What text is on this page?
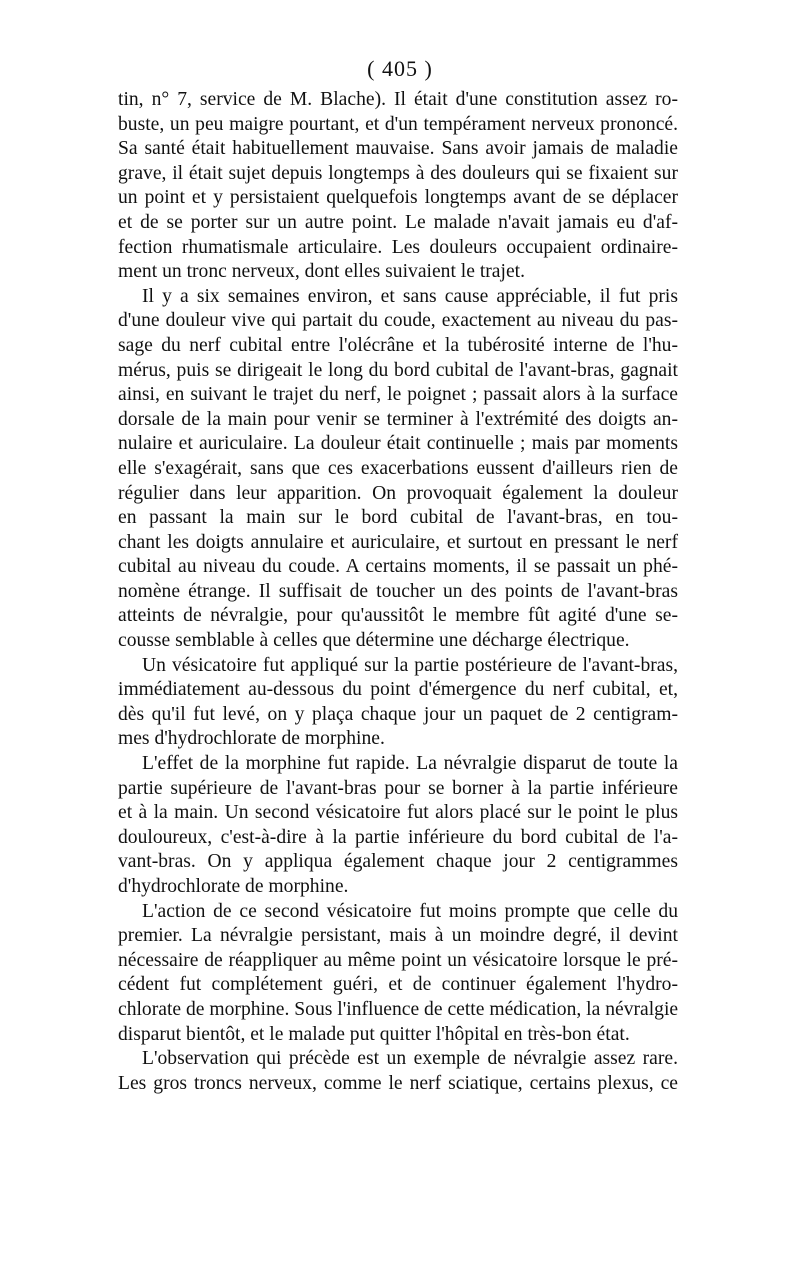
( 405 )
tin, n° 7, service de M. Blache). Il était d'une constitution assez ro-
buste, un peu maigre pourtant, et d'un tempérament nerveux prononcé.
Sa santé était habituellement mauvaise. Sans avoir jamais de maladie
grave, il était sujet depuis longtemps à des douleurs qui se fixaient sur
un point et y persistaient quelquefois longtemps avant de se déplacer
et de se porter sur un autre point. Le malade n'avait jamais eu d'af-
fection rhumatismale articulaire. Les douleurs occupaient ordinaire-
ment un tronc nerveux, dont elles suivaient le trajet.
Il y a six semaines environ, et sans cause appréciable, il fut pris
d'une douleur vive qui partait du coude, exactement au niveau du pas-
sage du nerf cubital entre l'olécrâne et la tubérosité interne de l'hu-
mérus, puis se dirigeait le long du bord cubital de l'avant-bras, gagnait
ainsi, en suivant le trajet du nerf, le poignet ; passait alors à la surface
dorsale de la main pour venir se terminer à l'extrémité des doigts an-
nulaire et auriculaire. La douleur était continuelle ; mais par moments
elle s'exagérait, sans que ces exacerbations eussent d'ailleurs rien de
régulier dans leur apparition. On provoquait également la douleur
en passant la main sur le bord cubital de l'avant-bras, en tou-
chant les doigts annulaire et auriculaire, et surtout en pressant le nerf
cubital au niveau du coude. A certains moments, il se passait un phé-
nomène étrange. Il suffisait de toucher un des points de l'avant-bras
atteints de névralgie, pour qu'aussitôt le membre fût agité d'une se-
cousse semblable à celles que détermine une décharge électrique.
Un vésicatoire fut appliqué sur la partie postérieure de l'avant-bras,
immédiatement au-dessous du point d'émergence du nerf cubital, et,
dès qu'il fut levé, on y plaça chaque jour un paquet de 2 centigram-
mes d'hydrochlorate de morphine.
L'effet de la morphine fut rapide. La névralgie disparut de toute la
partie supérieure de l'avant-bras pour se borner à la partie inférieure
et à la main. Un second vésicatoire fut alors placé sur le point le plus
douloureux, c'est-à-dire à la partie inférieure du bord cubital de l'a-
vant-bras. On y appliqua également chaque jour 2 centigrammes
d'hydrochlorate de morphine.
L'action de ce second vésicatoire fut moins prompte que celle du
premier. La névralgie persistant, mais à un moindre degré, il devint
nécessaire de réappliquer au même point un vésicatoire lorsque le pré-
cédent fut complétement guéri, et de continuer également l'hydro-
chlorate de morphine. Sous l'influence de cette médication, la névralgie
disparut bientôt, et le malade put quitter l'hôpital en très-bon état.
L'observation qui précède est un exemple de névralgie assez rare.
Les gros troncs nerveux, comme le nerf sciatique, certains plexus, ce
